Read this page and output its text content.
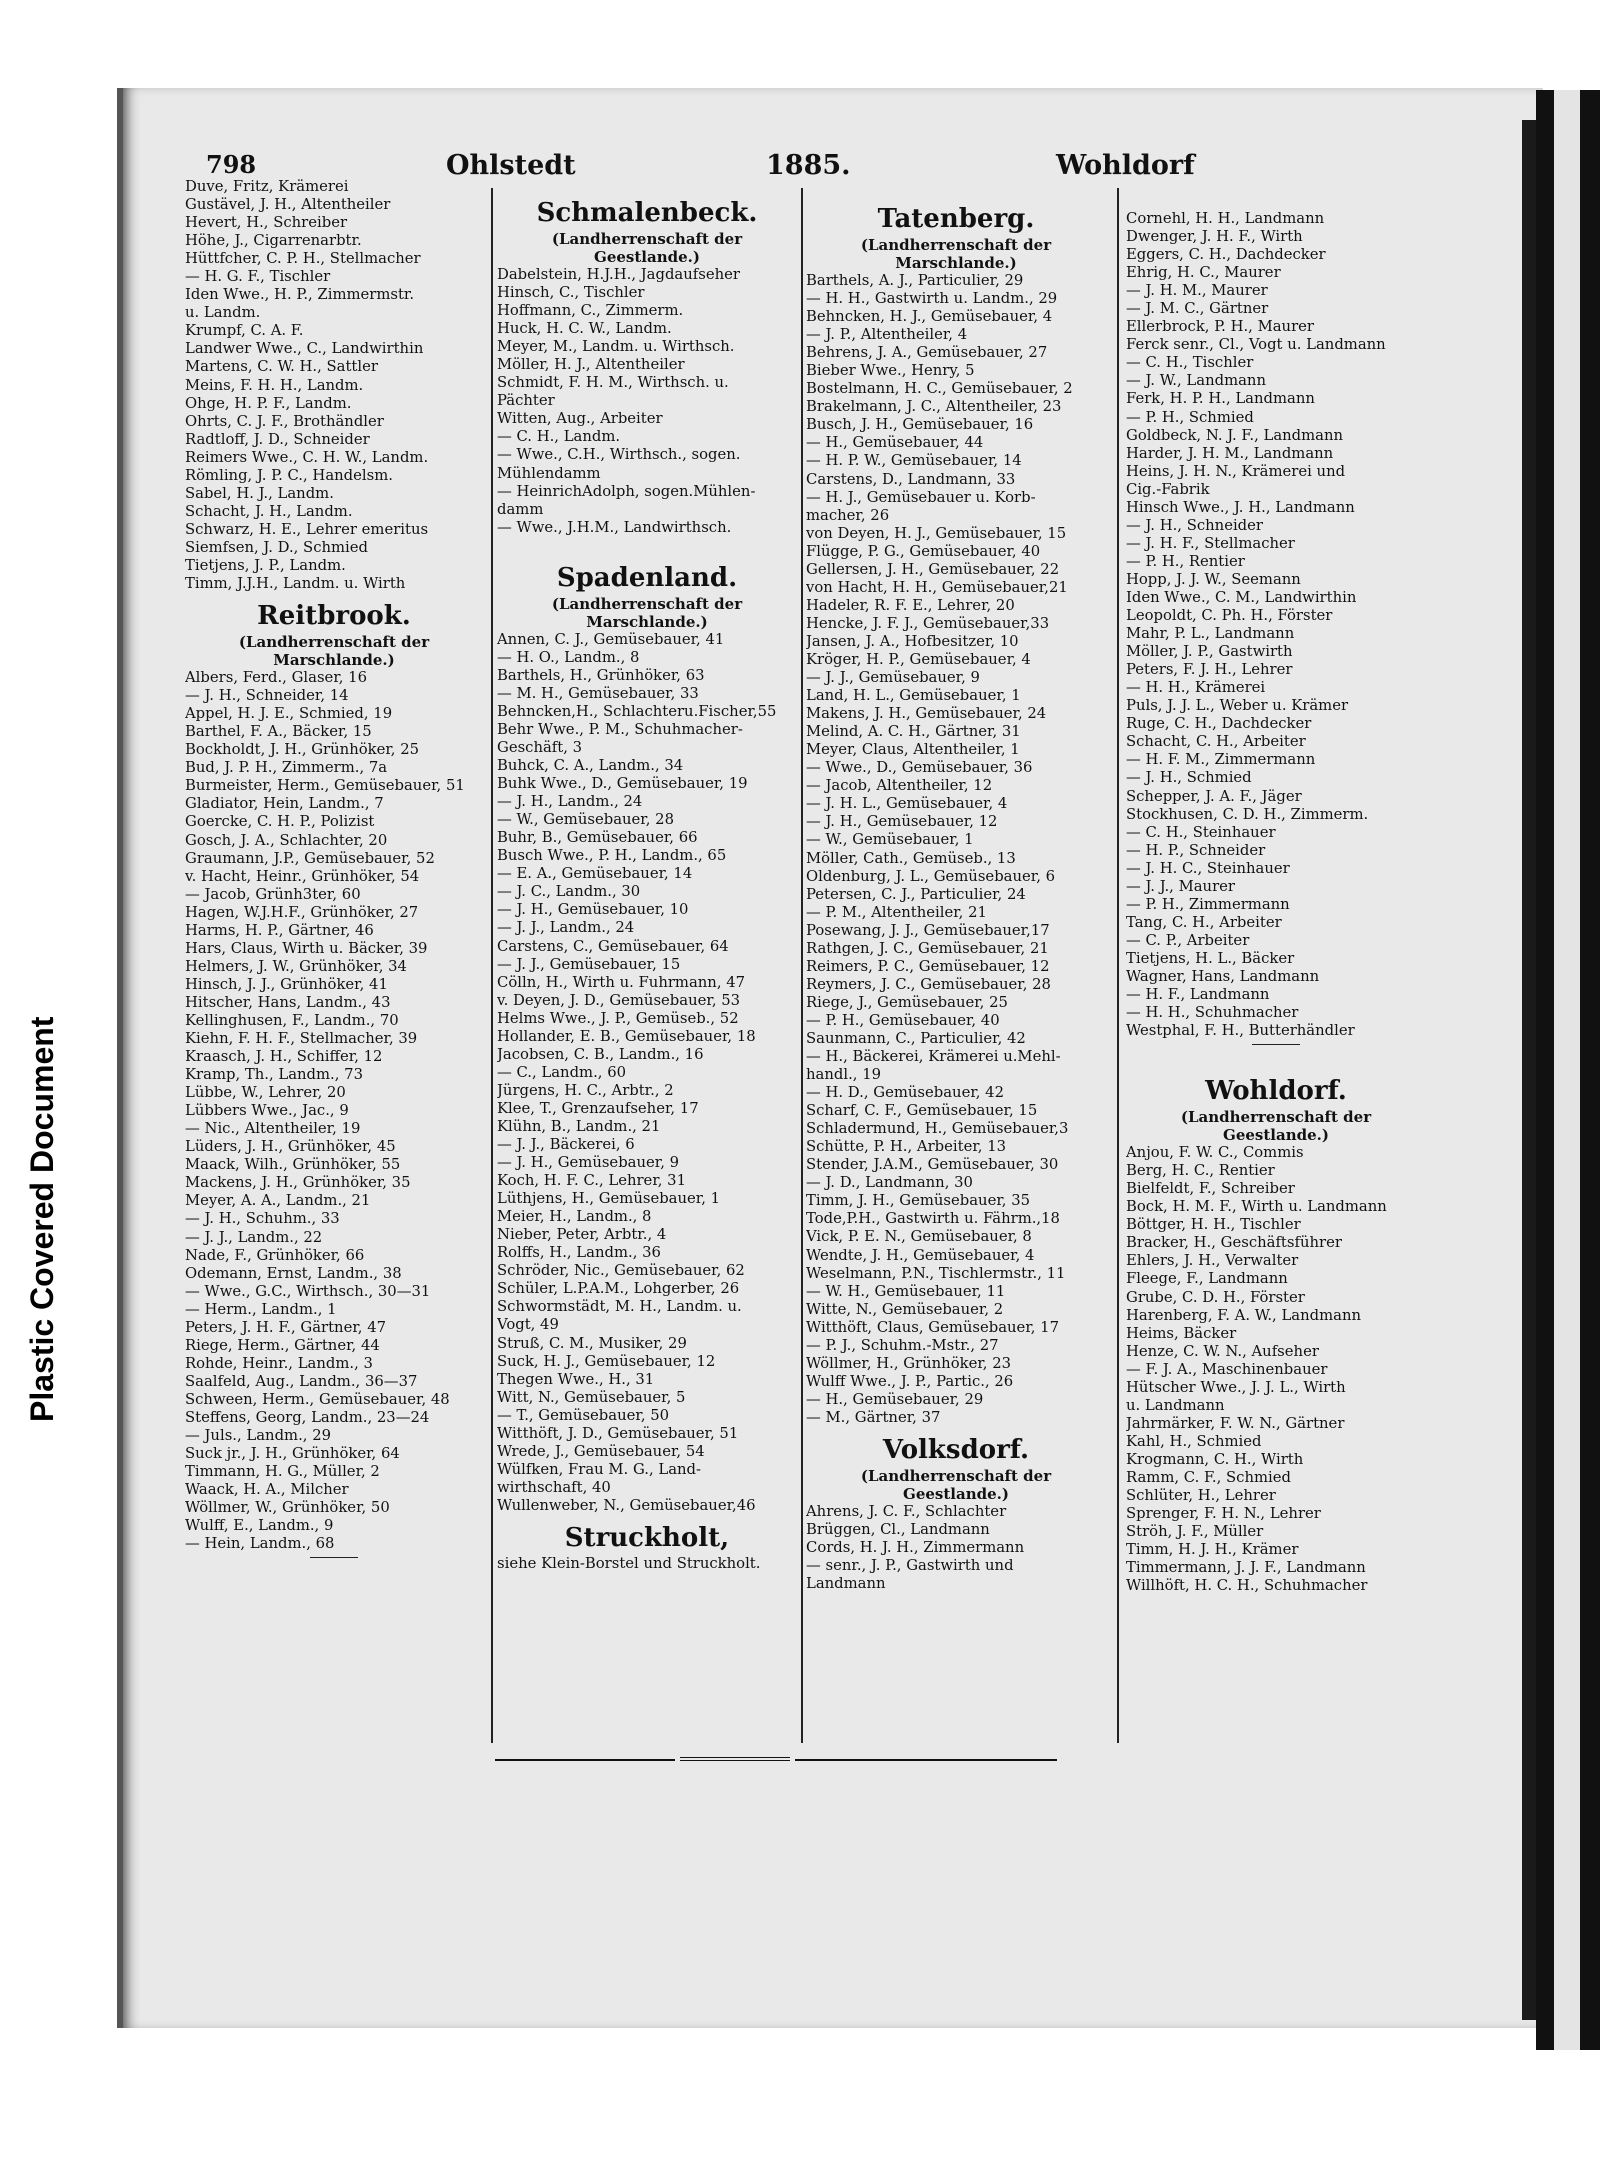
Plastic Covered Document
798	Ohlstedt	1885.	Wohldorf
Duve, Fritz, Krämerei
Gustävel, J. H., Altentheiler
Hevert, H., Schreiber
Höhe, J., Cigarrenarbtr.
Hüttfcher, C. P. H., Stellmacher
— H. G. F., Tischler
Iden Wwe., H. P., Zimmermstr.
u. Landm.
Krumpf, C. A. F.
Landwer Wwe., C., Landwirthin
Martens, C. W. H., Sattler
Meins, F. H. H., Landm.
Ohge, H. P. F., Landm.
Ohrts, C. J. F., Brothändler
Radtloff, J. D., Schneider
Reimers Wwe., C. H. W., Landm.
Römling, J. P. C., Handelsm.
Sabel, H. J., Landm.
Schacht, J. H., Landm.
Schwarz, H. E., Lehrer emeritus
Siemfsen, J. D., Schmied
Tietjens, J. P., Landm.
Timm, J.J.H., Landm. u. Wirth
Reitbrook.
(Landherrenschaft der
Marschlande.)
Albers, Ferd., Glaser, 16
— J. H., Schneider, 14
Appel, H. J. E., Schmied, 19
Barthel, F. A., Bäcker, 15
Bockholdt, J. H., Grünhöker, 25
Bud, J. P. H., Zimmerm., 7a
Burmeister, Herm., Gemüsebauer, 51
Gladiator, Hein, Landm., 7
Goercke, C. H. P., Polizist
Gosch, J. A., Schlachter, 20
Graumann, J.P., Gemüsebauer, 52
v. Hacht, Heinr., Grünhöker, 54
— Jacob, Grünh3ter, 60
Hagen, W.J.H.F., Grünhöker, 27
Harms, H. P., Gärtner, 46
Hars, Claus, Wirth u. Bäcker, 39
Helmers, J. W., Grünhöker, 34
Hinsch, J. J., Grünhöker, 41
Hitscher, Hans, Landm., 43
Kellinghusen, F., Landm., 70
Kiehn, F. H. F., Stellmacher, 39
Kraasch, J. H., Schiffer, 12
Kramp, Th., Landm., 73
Lübbe, W., Lehrer, 20
Lübbers Wwe., Jac., 9
— Nic., Altentheiler, 19
Lüders, J. H., Grünhöker, 45
Maack, Wilh., Grünhöker, 55
Mackens, J. H., Grünhöker, 35
Meyer, A. A., Landm., 21
— J. H., Schuhm., 33
— J. J., Landm., 22
Nade, F., Grünhöker, 66
Odemann, Ernst, Landm., 38
— Wwe., G.C., Wirthsch., 30—31
— Herm., Landm., 1
Peters, J. H. F., Gärtner, 47
Riege, Herm., Gärtner, 44
Rohde, Heinr., Landm., 3
Saalfeld, Aug., Landm., 36—37
Schween, Herm., Gemüsebauer, 48
Steffens, Georg, Landm., 23—24
— Juls., Landm., 29
Suck jr., J. H., Grünhöker, 64
Timmann, H. G., Müller, 2
Waack, H. A., Milcher
Wöllmer, W., Grünhöker, 50
Wulff, E., Landm., 9
— Hein, Landm., 68
Schmalenbeck.
(Landherrenschaft der
Geestlande.)
Dabelstein, H.J.H., Jagdaufseher
Hinsch, C., Tischler
Hoffmann, C., Zimmerm.
Huck, H. C. W., Landm.
Meyer, M., Landm. u. Wirthsch.
Möller, H. J., Altentheiler
Schmidt, F. H. M., Wirthsch. u.
Pächter
Witten, Aug., Arbeiter
— C. H., Landm.
— Wwe., C.H., Wirthsch., sogen.
Mühlendamm
— HeinrichAdolph, sogen.Mühlen-
damm
— Wwe., J.H.M., Landwirthsch.
Spadenland.
(Landherrenschaft der
Marschlande.)
Annen, C. J., Gemüsebauer, 41
— H. O., Landm., 8
Barthels, H., Grünhöker, 63
— M. H., Gemüsebauer, 33
Behncken,H., Schlachteru.Fischer,55
Behr Wwe., P. M., Schuhmacher-
Geschäft, 3
Buhck, C. A., Landm., 34
Buhk Wwe., D., Gemüsebauer, 19
— J. H., Landm., 24
— W., Gemüsebauer, 28
Buhr, B., Gemüsebauer, 66
Busch Wwe., P. H., Landm., 65
— E. A., Gemüsebauer, 14
— J. C., Landm., 30
— J. H., Gemüsebauer, 10
— J. J., Landm., 24
Carstens, C., Gemüsebauer, 64
— J. J., Gemüsebauer, 15
Cölln, H., Wirth u. Fuhrmann, 47
v. Deyen, J. D., Gemüsebauer, 53
Helms Wwe., J. P., Gemüseb., 52
Hollander, E. B., Gemüsebauer, 18
Jacobsen, C. B., Landm., 16
— C., Landm., 60
Jürgens, H. C., Arbtr., 2
Klee, T., Grenzaufseher, 17
Klühn, B., Landm., 21
— J. J., Bäckerei, 6
— J. H., Gemüsebauer, 9
Koch, H. F. C., Lehrer, 31
Lüthjens, H., Gemüsebauer, 1
Meier, H., Landm., 8
Nieber, Peter, Arbtr., 4
Rolffs, H., Landm., 36
Schröder, Nic., Gemüsebauer, 62
Schüler, L.P.A.M., Lohgerber, 26
Schwormstädt, M. H., Landm. u.
Vogt, 49
Struß, C. M., Musiker, 29
Suck, H. J., Gemüsebauer, 12
Thegen Wwe., H., 31
Witt, N., Gemüsebauer, 5
— T., Gemüsebauer, 50
Witthöft, J. D., Gemüsebauer, 51
Wrede, J., Gemüsebauer, 54
Wülfken, Frau M. G., Land-
wirthschaft, 40
Wullenweber, N., Gemüsebauer,46
Struckholt,
siehe Klein-Borstel und Struckholt.
Tatenberg.
(Landherrenschaft der
Marschlande.)
Barthels, A. J., Particulier, 29
— H. H., Gastwirth u. Landm., 29
Behncken, H. J., Gemüsebauer, 4
— J. P., Altentheiler, 4
Behrens, J. A., Gemüsebauer, 27
Bieber Wwe., Henry, 5
Bostelmann, H. C., Gemüsebauer, 2
Brakelmann, J. C., Altentheiler, 23
Busch, J. H., Gemüsebauer, 16
— H., Gemüsebauer, 44
— H. P. W., Gemüsebauer, 14
Carstens, D., Landmann, 33
— H. J., Gemüsebauer u. Korb-
macher, 26
von Deyen, H. J., Gemüsebauer, 15
Flügge, P. G., Gemüsebauer, 40
Gellersen, J. H., Gemüsebauer, 22
von Hacht, H. H., Gemüsebauer,21
Hadeler, R. F. E., Lehrer, 20
Hencke, J. F. J., Gemüsebauer,33
Jansen, J. A., Hofbesitzer, 10
Kröger, H. P., Gemüsebauer, 4
— J. J., Gemüsebauer, 9
Land, H. L., Gemüsebauer, 1
Makens, J. H., Gemüsebauer, 24
Melind, A. C. H., Gärtner, 31
Meyer, Claus, Altentheiler, 1
— Wwe., D., Gemüsebauer, 36
— Jacob, Altentheiler, 12
— J. H. L., Gemüsebauer, 4
— J. H., Gemüsebauer, 12
— W., Gemüsebauer, 1
Möller, Cath., Gemüseb., 13
Oldenburg, J. L., Gemüsebauer, 6
Petersen, C. J., Particulier, 24
— P. M., Altentheiler, 21
Posewang, J. J., Gemüsebauer,17
Rathgen, J. C., Gemüsebauer, 21
Reimers, P. C., Gemüsebauer, 12
Reymers, J. C., Gemüsebauer, 28
Riege, J., Gemüsebauer, 25
— P. H., Gemüsebauer, 40
Saunmann, C., Particulier, 42
— H., Bäckerei, Krämerei u.Mehl-
handl., 19
— H. D., Gemüsebauer, 42
Scharf, C. F., Gemüsebauer, 15
Schladermund, H., Gemüsebauer,3
Schütte, P. H., Arbeiter, 13
Stender, J.A.M., Gemüsebauer, 30
— J. D., Landmann, 30
Timm, J. H., Gemüsebauer, 35
Tode,P.H., Gastwirth u. Fährm.,18
Vick, P. E. N., Gemüsebauer, 8
Wendte, J. H., Gemüsebauer, 4
Weselmann, P.N., Tischlermstr., 11
— W. H., Gemüsebauer, 11
Witte, N., Gemüsebauer, 2
Witthöft, Claus, Gemüsebauer, 17
— P. J., Schuhm.-Mstr., 27
Wöllmer, H., Grünhöker, 23
Wulff Wwe., J. P., Partic., 26
— H., Gemüsebauer, 29
— M., Gärtner, 37
Volksdorf.
(Landherrenschaft der
Geestlande.)
Ahrens, J. C. F., Schlachter
Brüggen, Cl., Landmann
Cords, H. J. H., Zimmermann
— senr., J. P., Gastwirth und
Landmann
Cornehl, H. H., Landmann
Dwenger, J. H. F., Wirth
Eggers, C. H., Dachdecker
Ehrig, H. C., Maurer
— J. H. M., Maurer
— J. M. C., Gärtner
Ellerbrock, P. H., Maurer
Ferck senr., Cl., Vogt u. Landmann
— C. H., Tischler
— J. W., Landmann
Ferk, H. P. H., Landmann
— P. H., Schmied
Goldbeck, N. J. F., Landmann
Harder, J. H. M., Landmann
Heins, J. H. N., Krämerei und
Cig.-Fabrik
Hinsch Wwe., J. H., Landmann
— J. H., Schneider
— J. H. F., Stellmacher
— P. H., Rentier
Hopp, J. J. W., Seemann
Iden Wwe., C. M., Landwirthin
Leopoldt, C. Ph. H., Förster
Mahr, P. L., Landmann
Möller, J. P., Gastwirth
Peters, F. J. H., Lehrer
— H. H., Krämerei
Puls, J. J. L., Weber u. Krämer
Ruge, C. H., Dachdecker
Schacht, C. H., Arbeiter
— H. F. M., Zimmermann
— J. H., Schmied
Schepper, J. A. F., Jäger
Stockhusen, C. D. H., Zimmerm.
— C. H., Steinhauer
— H. P., Schneider
— J. H. C., Steinhauer
— J. J., Maurer
— P. H., Zimmermann
Tang, C. H., Arbeiter
— C. P., Arbeiter
Tietjens, H. L., Bäcker
Wagner, Hans, Landmann
— H. F., Landmann
— H. H., Schuhmacher
Westphal, F. H., Butterhändler
Wohldorf.
(Landherrenschaft der
Geestlande.)
Anjou, F. W. C., Commis
Berg, H. C., Rentier
Bielfeldt, F., Schreiber
Bock, H. M. F., Wirth u. Landmann
Böttger, H. H., Tischler
Bracker, H., Geschäftsführer
Ehlers, J. H., Verwalter
Fleege, F., Landmann
Grube, C. D. H., Förster
Harenberg, F. A. W., Landmann
Heims, Bäcker
Henze, C. W. N., Aufseher
— F. J. A., Maschinenbauer
Hütscher Wwe., J. J. L., Wirth
u. Landmann
Jahrmärker, F. W. N., Gärtner
Kahl, H., Schmied
Krogmann, C. H., Wirth
Ramm, C. F., Schmied
Schlüter, H., Lehrer
Sprenger, F. H. N., Lehrer
Ströh, J. F., Müller
Timm, H. J. H., Krämer
Timmermann, J. J. F., Landmann
Willhöft, H. C. H., Schuhmacher
